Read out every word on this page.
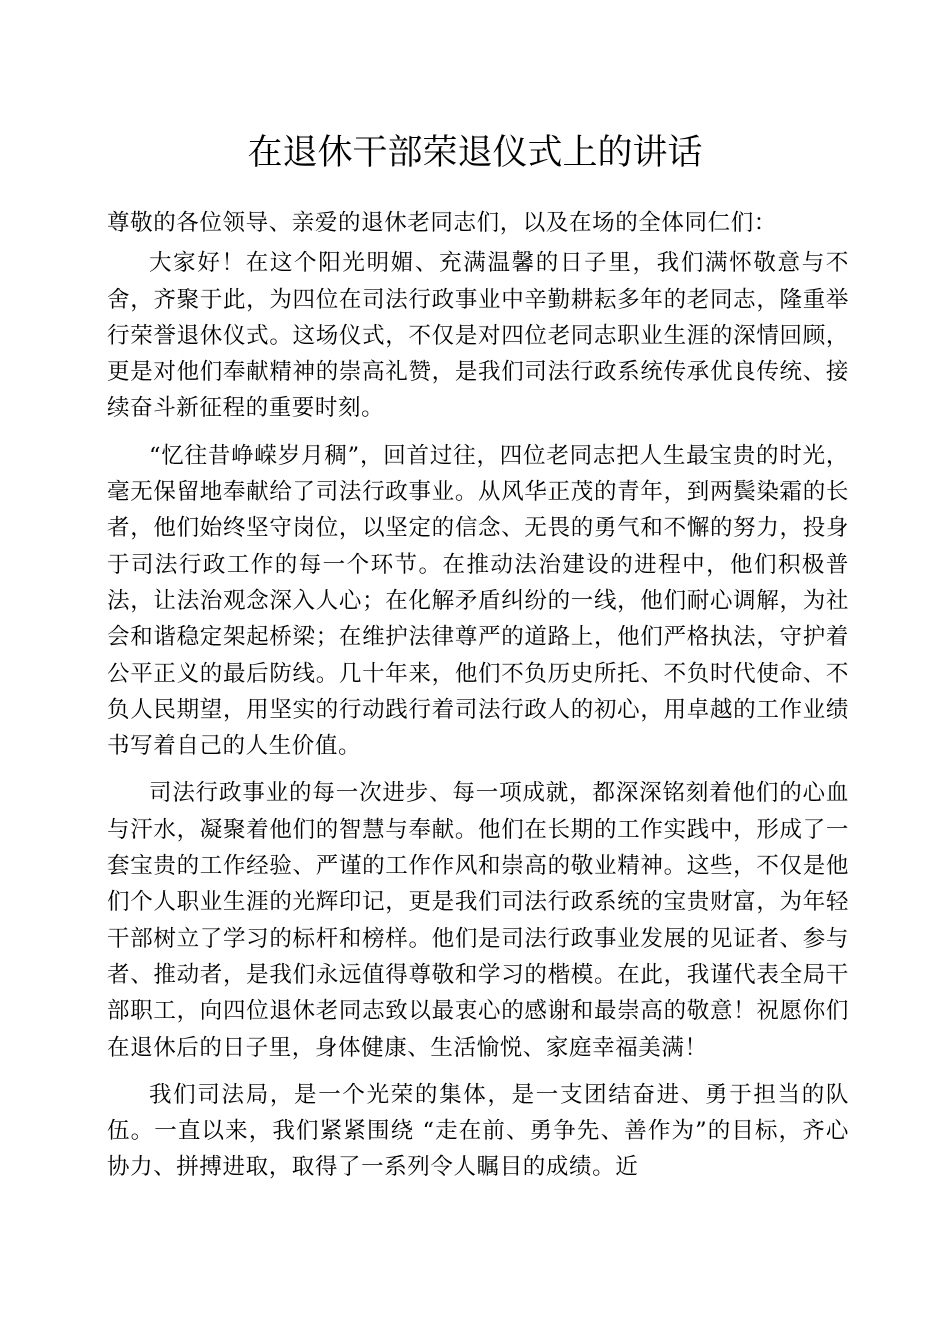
在退休干部荣退仪式上的讲话

尊敬的各位领导、亲爱的退休老同志们，以及在场的全体同仁们：

大家好！在这个阳光明媚、充满温馨的日子里，我们满怀敬意与不舍，齐聚于此，为四位在司法行政事业中辛勤耕耘多年的老同志，隆重举行荣誉退休仪式。这场仪式，不仅是对四位老同志职业生涯的深情回顾，更是对他们奉献精神的崇高礼赞，是我们司法行政系统传承优良传统、接续奋斗新征程的重要时刻。

“忆往昔峥嵘岁月稠”，回首过往，四位老同志把人生最宝贵的时光，毫无保留地奉献给了司法行政事业。从风华正茂的青年，到两鬓染霜的长者，他们始终坚守岗位，以坚定的信念、无畏的勇气和不懈的努力，投身于司法行政工作的每一个环节。在推动法治建设的进程中，他们积极普法，让法治观念深入人心；在化解矛盾纠纷的一线，他们耐心调解，为社会和谐稳定架起桥梁；在维护法律尊严的道路上，他们严格执法，守护着公平正义的最后防线。几十年来，他们不负历史所托、不负时代使命、不负人民期望，用坚实的行动践行着司法行政人的初心，用卓越的工作业绩书写着自己的人生价值。

司法行政事业的每一次进步、每一项成就，都深深铭刻着他们的心血与汗水，凝聚着他们的智慧与奉献。他们在长期的工作实践中，形成了一套宝贵的工作经验、严谨的工作作风和崇高的敬业精神。这些，不仅是他们个人职业生涯的光辉印记，更是我们司法行政系统的宝贵财富，为年轻干部树立了学习的标杆和榜样。他们是司法行政事业发展的见证者、参与者、推动者，是我们永远值得尊敬和学习的楷模。在此，我谨代表全局干部职工，向四位退休老同志致以最衷心的感谢和最崇高的敬意！祝愿你们在退休后的日子里，身体健康、生活愉悦、家庭幸福美满！

我们司法局，是一个光荣的集体，是一支团结奋进、勇于担当的队伍。一直以来，我们紧紧围绕 “走在前、勇争先、善作为”的目标，齐心协力、拼搏进取，取得了一系列令人瞩目的成绩。近
